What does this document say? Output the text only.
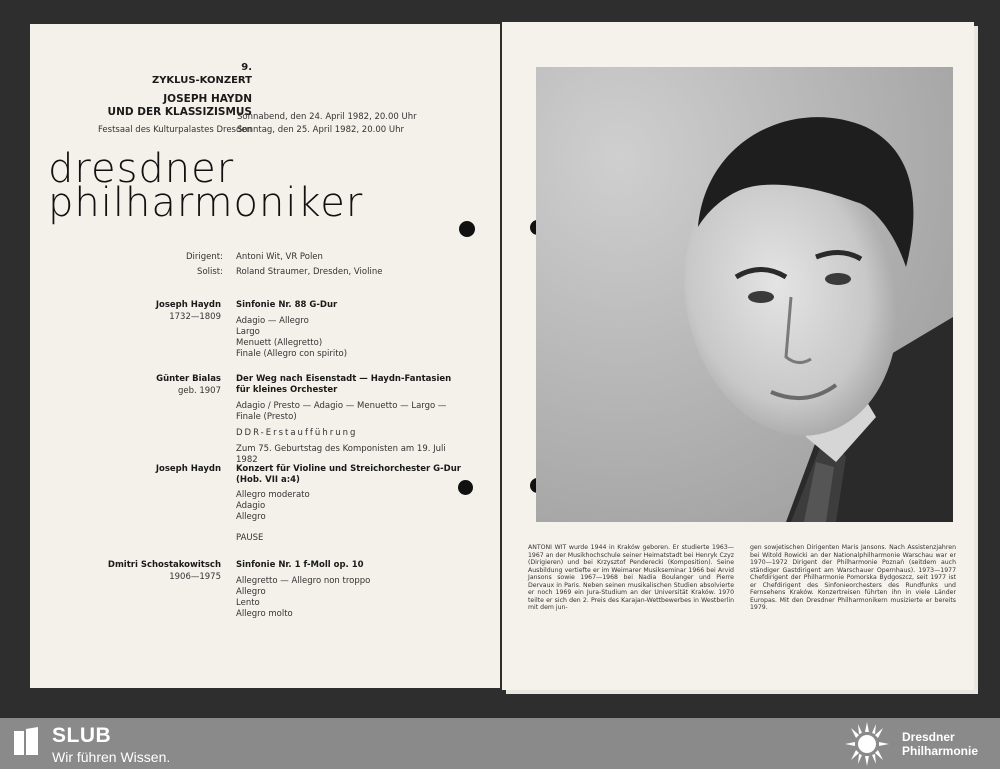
9.
ZYKLUS-KONZERT
JOSEPH HAYDN
UND DER KLASSIZISMUS
Festsaal des Kulturpalastes Dresden
Sonnabend, den 24. April 1982, 20.00 Uhr
Sonntag, den 25. April 1982, 20.00 Uhr
dresdner
philharmoniker
Dirigent: Antoni Wit, VR Polen
Solist: Roland Straumer, Dresden, Violine
Joseph Haydn
1732—1809
Sinfonie Nr. 88 G-Dur
Adagio — Allegro
Largo
Menuett (Allegretto)
Finale (Allegro con spirito)
Günter Bialas
geb. 1907
Der Weg nach Eisenstadt — Haydn-Fantasien
für kleines Orchester
Adagio / Presto — Adagio — Menuetto — Largo —
Finale (Presto)
DDR-Erstaufführung
Zum 75. Geburtstag des Komponisten am 19. Juli 1982
Joseph Haydn Konzert für Violine und Streichorchester G-Dur
(Hob. VII a:4)
Allegro moderato
Adagio
Allegro
PAUSE
Dmitri Schostakowitsch
1906—1975
Sinfonie Nr. 1 f-Moll op. 10
Allegretto — Allegro non troppo
Allegro
Lento
Allegro molto
ANTONI WIT wurde 1944 in Kraków geboren. Er studierte 1963—1967 an der Musikhochschule seiner Heimatstadt bei Henryk Czyz (Dirigieren) und bei Krzysztof Penderecki (Komposition). Seine Ausbildung vertiefte er im Weimarer Musikseminar 1966 bei Arvid Jansons sowie 1967—1968 bei Nadia Boulanger und Pierre Dervaux in Paris. Neben seinen musikalischen Studien absolvierte er noch 1969 ein Jura-Studium an der Universität Kraków. 1970 teilte er sich den 2. Preis des Karajan-Wettbewerbes in Westberlin mit dem jun-
gen sowjetischen Dirigenten Maris Jansons. Nach Assistenzjahren bei Witold Rowicki an der Nationalphilharmonie Warschau war er 1970—1972 Dirigent der Philharmonie Poznań (seitdem auch ständiger Gastdirigent am Warschauer Opernhaus). 1973—1977 Chefdirigent der Philharmonie Pomorska Bydgoszcz, seit 1977 ist er Chefdirigent des Sinfonieorchesters des Rundfunks und Fernsehens Kraków. Konzertreisen führten ihn in viele Länder Europas. Mit den Dresdner Philharmonikern musizierte er bereits 1979.
SLUB
Wir führen Wissen.
Dresdner
Philharmonie
